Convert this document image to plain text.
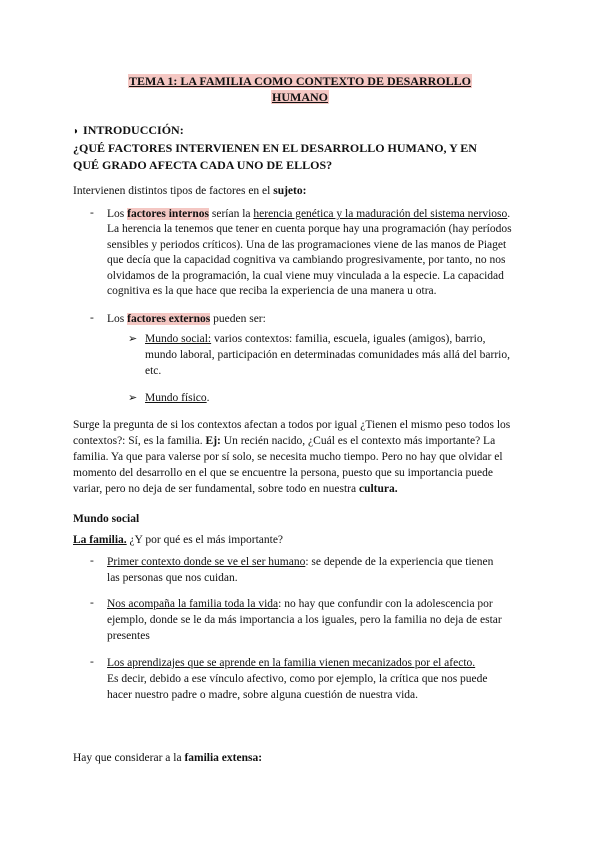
TEMA 1: LA FAMILIA COMO CONTEXTO DE DESARROLLO
HUMANO
◗ INTRODUCCIÓN:
¿QUÉ FACTORES INTERVIENEN EN EL DESARROLLO HUMANO, Y EN
QUÉ GRADO AFECTA CADA UNO DE ELLOS?
Intervienen distintos tipos de factores en el sujeto:
- Los factores internos serían la herencia genética y la maduración del sistema nervioso.
La herencia la tenemos que tener en cuenta porque hay una programación (hay períodos
sensibles y periodos críticos). Una de las programaciones viene de las manos de Piaget
que decía que la capacidad cognitiva va cambiando progresivamente, por tanto, no nos
olvidamos de la programación, la cual viene muy vinculada a la especie. La capacidad
cognitiva es la que hace que reciba la experiencia de una manera u otra.
- Los factores externos pueden ser:
➢ Mundo social: varios contextos: familia, escuela, iguales (amigos), barrio,
mundo laboral, participación en determinadas comunidades más allá del barrio,
etc.
➢ Mundo físico.
Surge la pregunta de si los contextos afectan a todos por igual ¿Tienen el mismo peso todos los
contextos?: Sí, es la familia. Ej: Un recién nacido, ¿Cuál es el contexto más importante? La
familia. Ya que para valerse por sí solo, se necesita mucho tiempo. Pero no hay que olvidar el
momento del desarrollo en el que se encuentre la persona, puesto que su importancia puede
variar, pero no deja de ser fundamental, sobre todo en nuestra cultura.
Mundo social
La familia. ¿Y por qué es el más importante?
- Primer contexto donde se ve el ser humano: se depende de la experiencia que tienen
las personas que nos cuidan.
- Nos acompaña la familia toda la vida: no hay que confundir con la adolescencia por
ejemplo, donde se le da más importancia a los iguales, pero la familia no deja de estar
presentes
- Los aprendizajes que se aprende en la familia vienen mecanizados por el afecto.
Es decir, debido a ese vínculo afectivo, como por ejemplo, la crítica que nos puede
hacer nuestro padre o madre, sobre alguna cuestión de nuestra vida.
Hay que considerar a la familia extensa:
